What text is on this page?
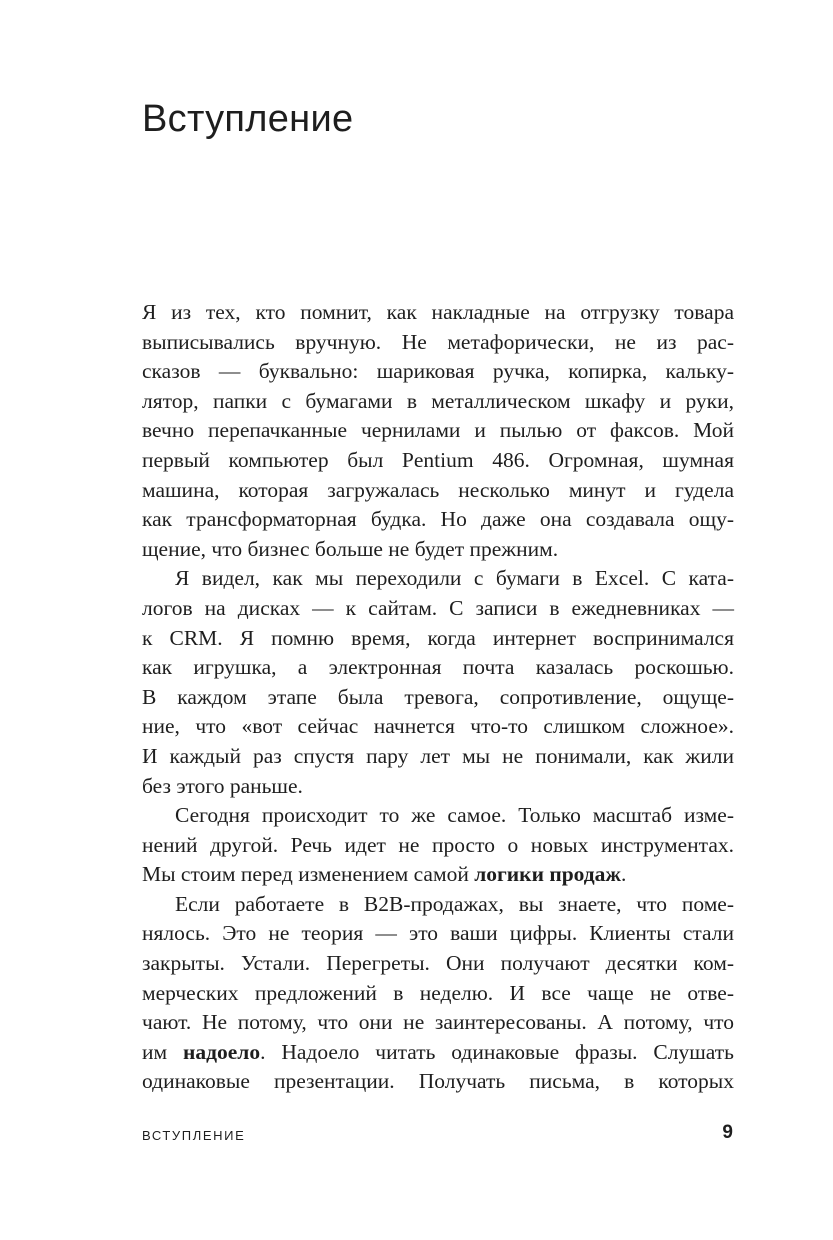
Вступление
Я из тех, кто помнит, как накладные на отгрузку товара
выписывались вручную. Не метафорически, не из рас-
сказов — буквально: шариковая ручка, копирка, кальку-
лятор, папки с бумагами в металлическом шкафу и руки,
вечно перепачканные чернилами и пылью от факсов. Мой
первый компьютер был Pentium 486. Огромная, шумная
машина, которая загружалась несколько минут и гудела
как трансформаторная будка. Но даже она создавала ощу-
щение, что бизнес больше не будет прежним.
Я видел, как мы переходили с бумаги в Excel. С ката-
логов на дисках — к сайтам. С записи в ежедневниках —
к CRM. Я помню время, когда интернет воспринимался
как игрушка, а электронная почта казалась роскошью.
В каждом этапе была тревога, сопротивление, ощуще-
ние, что «вот сейчас начнется что-то слишком сложное».
И каждый раз спустя пару лет мы не понимали, как жили
без этого раньше.
Сегодня происходит то же самое. Только масштаб изме-
нений другой. Речь идет не просто о новых инструментах.
Мы стоим перед изменением самой логики продаж.
Если работаете в B2B-продажах, вы знаете, что поме-
нялось. Это не теория — это ваши цифры. Клиенты стали
закрыты. Устали. Перегреты. Они получают десятки ком-
мерческих предложений в неделю. И все чаще не отве-
чают. Не потому, что они не заинтересованы. А потому, что
им надоело. Надоело читать одинаковые фразы. Слушать
одинаковые презентации. Получать письма, в которых
ВСТУПЛЕНИЕ	9
